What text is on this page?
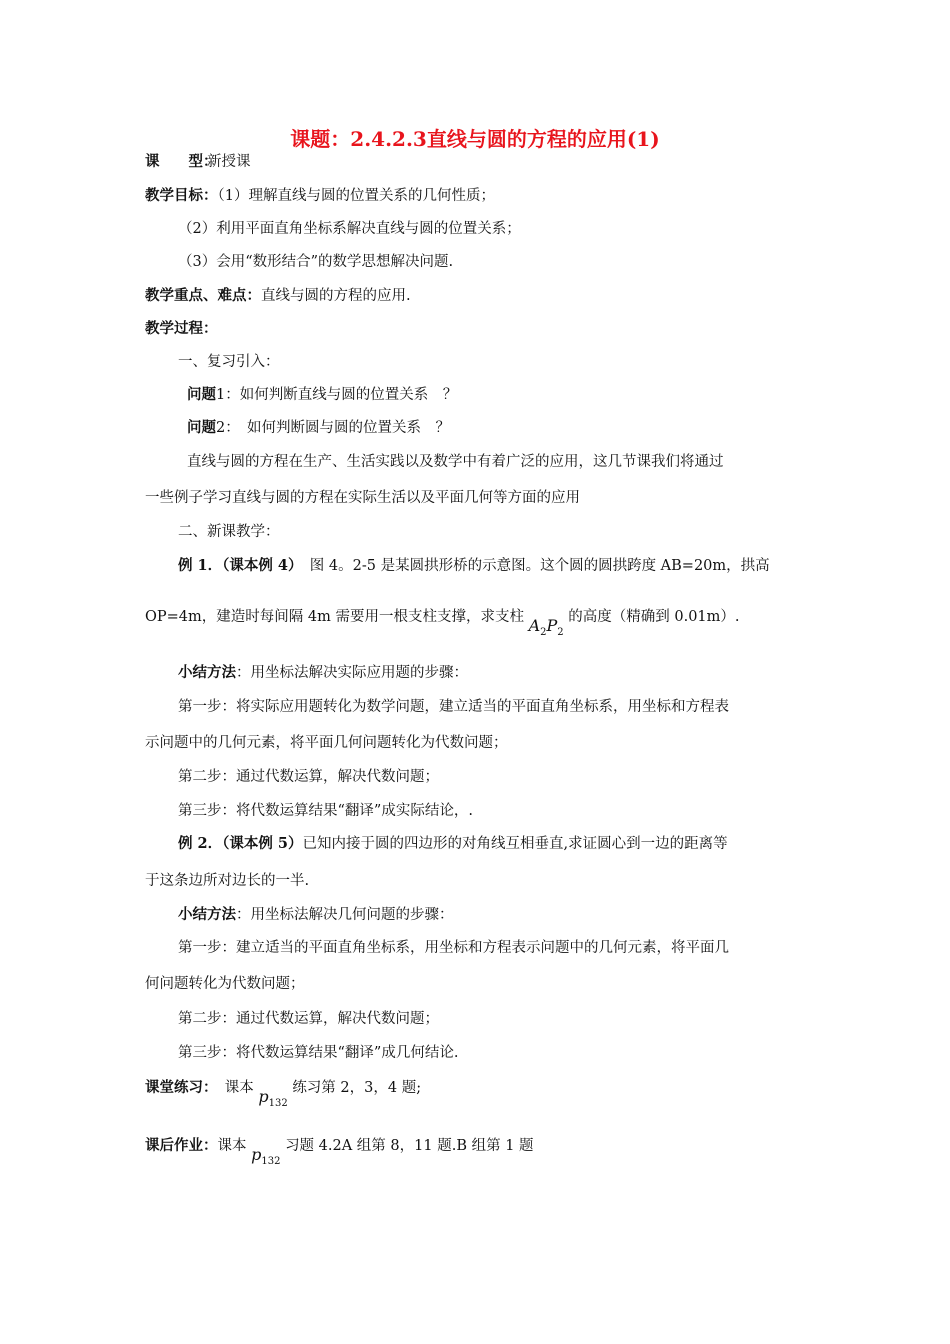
课题：2.4.2.3直线与圆的方程的应用(1)
课　　型：新授课
教学目标：（1）理解直线与圆的位置关系的几何性质；
（2）利用平面直角坐标系解决直线与圆的位置关系；
（3）会用“数形结合”的数学思想解决问题.
教学重点、难点：直线与圆的方程的应用.
教学过程：
一、复习引入：
问题1：如何判断直线与圆的位置关系　？
问题2：　如何判断圆与圆的位置关系　？
直线与圆的方程在生产、生活实践以及数学中有着广泛的应用，这几节课我们将通过
一些例子学习直线与圆的方程在实际生活以及平面几何等方面的应用
二、新课教学：
例 1．（课本例 4）　图 4。2-5 是某圆拱形桥的示意图。这个圆的圆拱跨度 AB=20m，拱高
OP=4m，建造时每间隔 4m 需要用一根支柱支撑，求支柱 $A_2P_2$ 的高度（精确到 0.01m）.
小结方法：用坐标法解决实际应用题的步骤：
第一步：将实际应用题转化为数学问题，建立适当的平面直角坐标系，用坐标和方程表
示问题中的几何元素，将平面几何问题转化为代数问题；
第二步：通过代数运算，解决代数问题；
第三步：将代数运算结果“翻译”成实际结论，.
例 2．（课本例 5）已知内接于圆的四边形的对角线互相垂直,求证圆心到一边的距离等
于这条边所对边长的一半.
小结方法：用坐标法解决几何问题的步骤：
第一步：建立适当的平面直角坐标系，用坐标和方程表示问题中的几何元素，将平面几
何问题转化为代数问题；
第二步：通过代数运算，解决代数问题；
第三步：将代数运算结果“翻译”成几何结论.
课堂练习：　课本 $p_{132}$ 练习第 2，3，4 题;
课后作业：课本 $p_{132}$ 习题 4.2A 组第 8，11 题.B 组第 1 题
